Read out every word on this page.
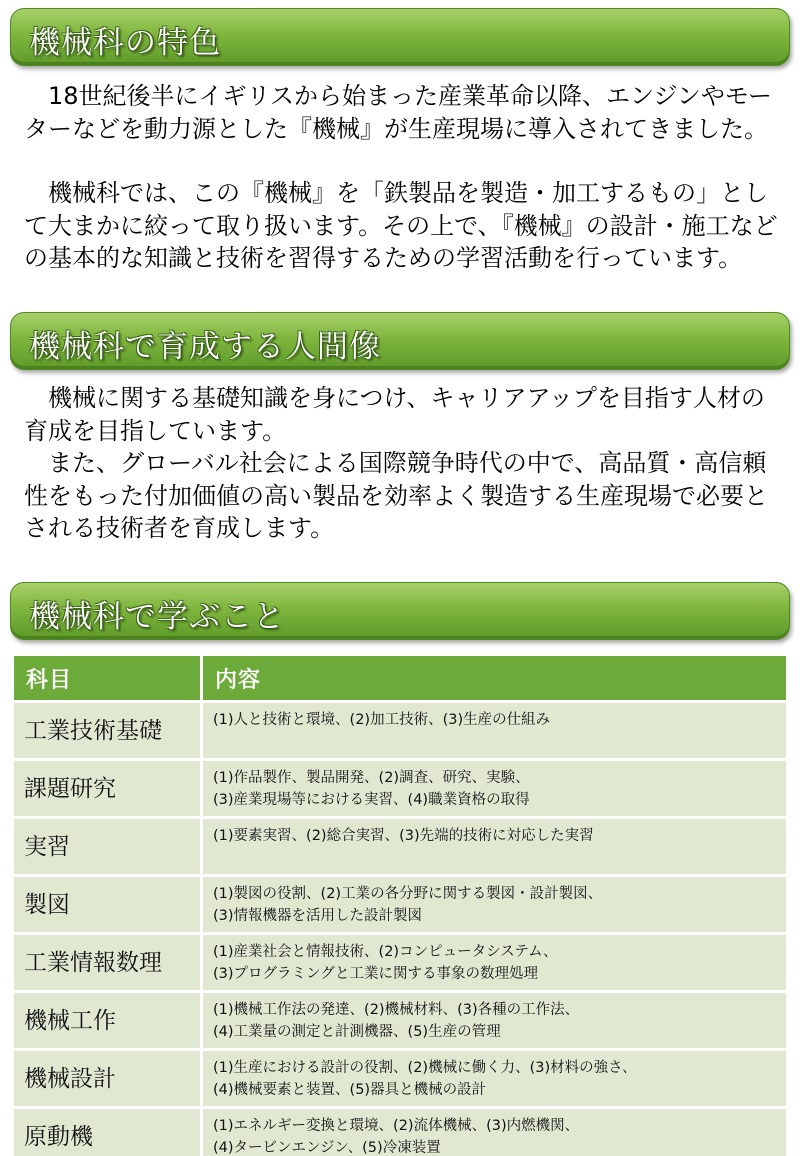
機械科の特色

18世紀後半にイギリスから始まった産業革命以降、エンジンやモーターなどを動力源とした『機械』が生産現場に導入されてきました。

機械科では、この『機械』を「鉄製品を製造・加工するもの」として大まかに絞って取り扱います。その上で、『機械』の設計・施工などの基本的な知識と技術を習得するための学習活動を行っています。

機械科で育成する人間像

機械に関する基礎知識を身につけ、キャリアアップを目指す人材の育成を目指しています。

また、グローバル社会による国際競争時代の中で、高品質・高信頼性をもった付加価値の高い製品を効率よく製造する生産現場で必要とされる技術者を育成します。

機械科で学ぶこと
科目	内容
工業技術基礎	(1)人と技術と環境、(2)加工技術、(3)生産の仕組み

課題研究	(1)作品製作、製品開発、(2)調査、研究、実験、
(3)産業現場等における実習、(4)職業資格の取得

実習	(1)要素実習、(2)総合実習、(3)先端的技術に対応した実習

製図	(1)製図の役割、(2)工業の各分野に関する製図・設計製図、
(3)情報機器を活用した設計製図

工業情報数理	(1)産業社会と情報技術、(2)コンピュータシステム、
(3)プログラミングと工業に関する事象の数理処理

機械工作	(1)機械工作法の発達、(2)機械材料、(3)各種の工作法、
(4)工業量の測定と計測機器、(5)生産の管理

機械設計	(1)生産における設計の役割、(2)機械に働く力、(3)材料の強さ、
(4)機械要素と装置、(5)器具と機械の設計

原動機	(1)エネルギー変換と環境、(2)流体機械、(3)内燃機関、
(4)タービンエンジン、(5)冷凍装置
